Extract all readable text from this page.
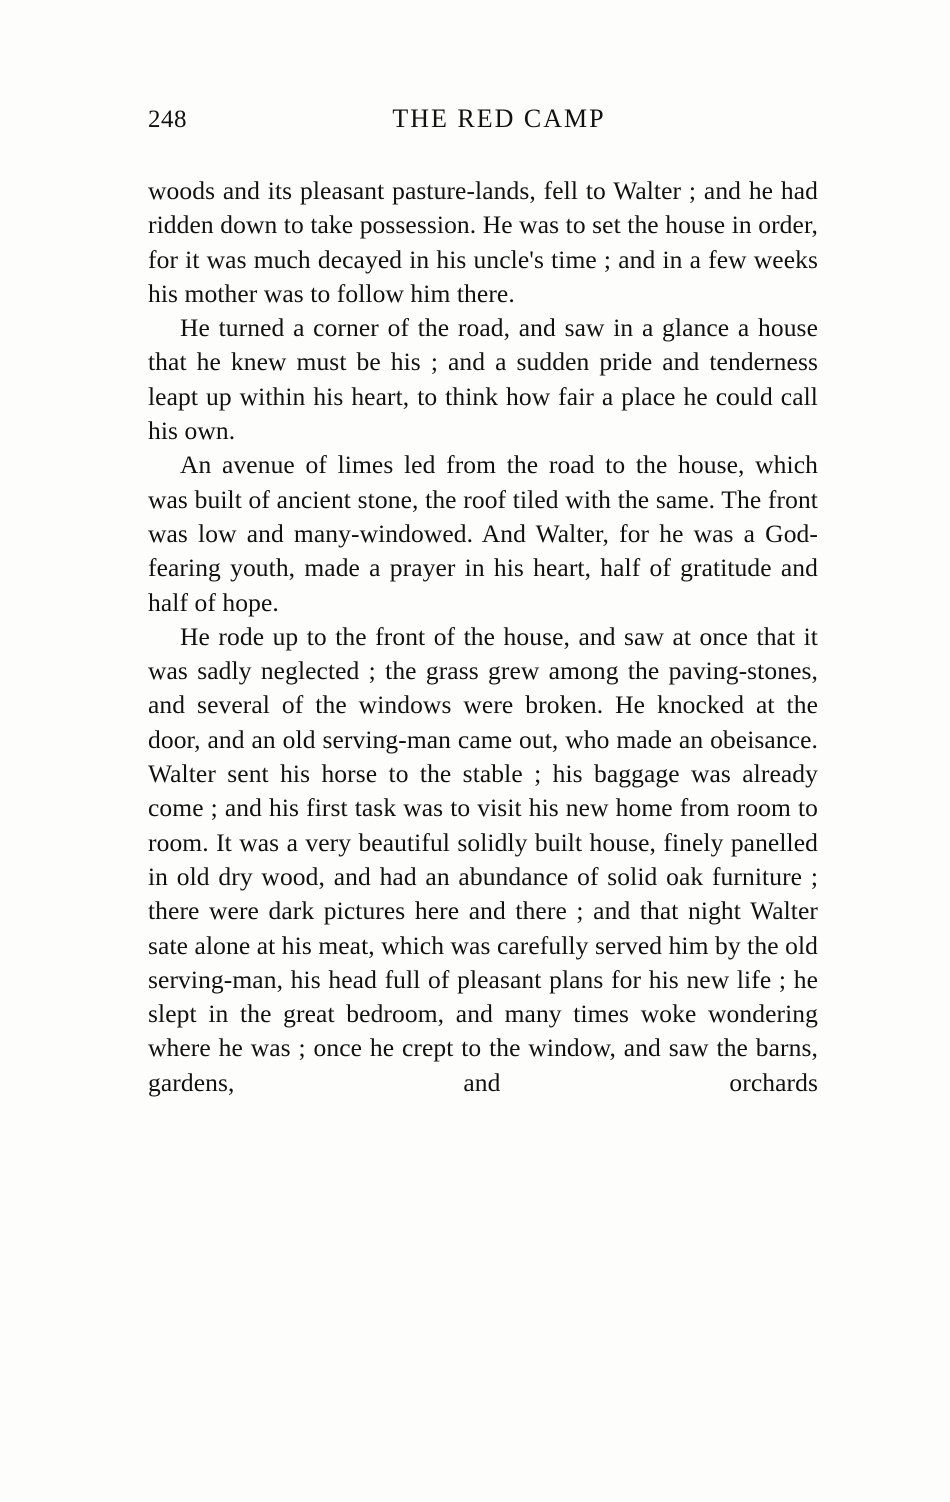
248	THE RED CAMP

woods and its pleasant pasture-lands, fell to Walter ; and he had ridden down to take possession. He was to set the house in order, for it was much decayed in his uncle's time ; and in a few weeks his mother was to follow him there.

He turned a corner of the road, and saw in a glance a house that he knew must be his ; and a sudden pride and tenderness leapt up within his heart, to think how fair a place he could call his own.

An avenue of limes led from the road to the house, which was built of ancient stone, the roof tiled with the same. The front was low and many-windowed. And Walter, for he was a God-fearing youth, made a prayer in his heart, half of gratitude and half of hope.

He rode up to the front of the house, and saw at once that it was sadly neglected ; the grass grew among the paving-stones, and several of the windows were broken. He knocked at the door, and an old serving-man came out, who made an obeisance. Walter sent his horse to the stable ; his baggage was already come ; and his first task was to visit his new home from room to room. It was a very beautiful solidly built house, finely panelled in old dry wood, and had an abundance of solid oak furniture ; there were dark pictures here and there ; and that night Walter sate alone at his meat, which was carefully served him by the old serving-man, his head full of pleasant plans for his new life ; he slept in the great bedroom, and many times woke wondering where he was ; once he crept to the window, and saw the barns, gardens, and orchards
